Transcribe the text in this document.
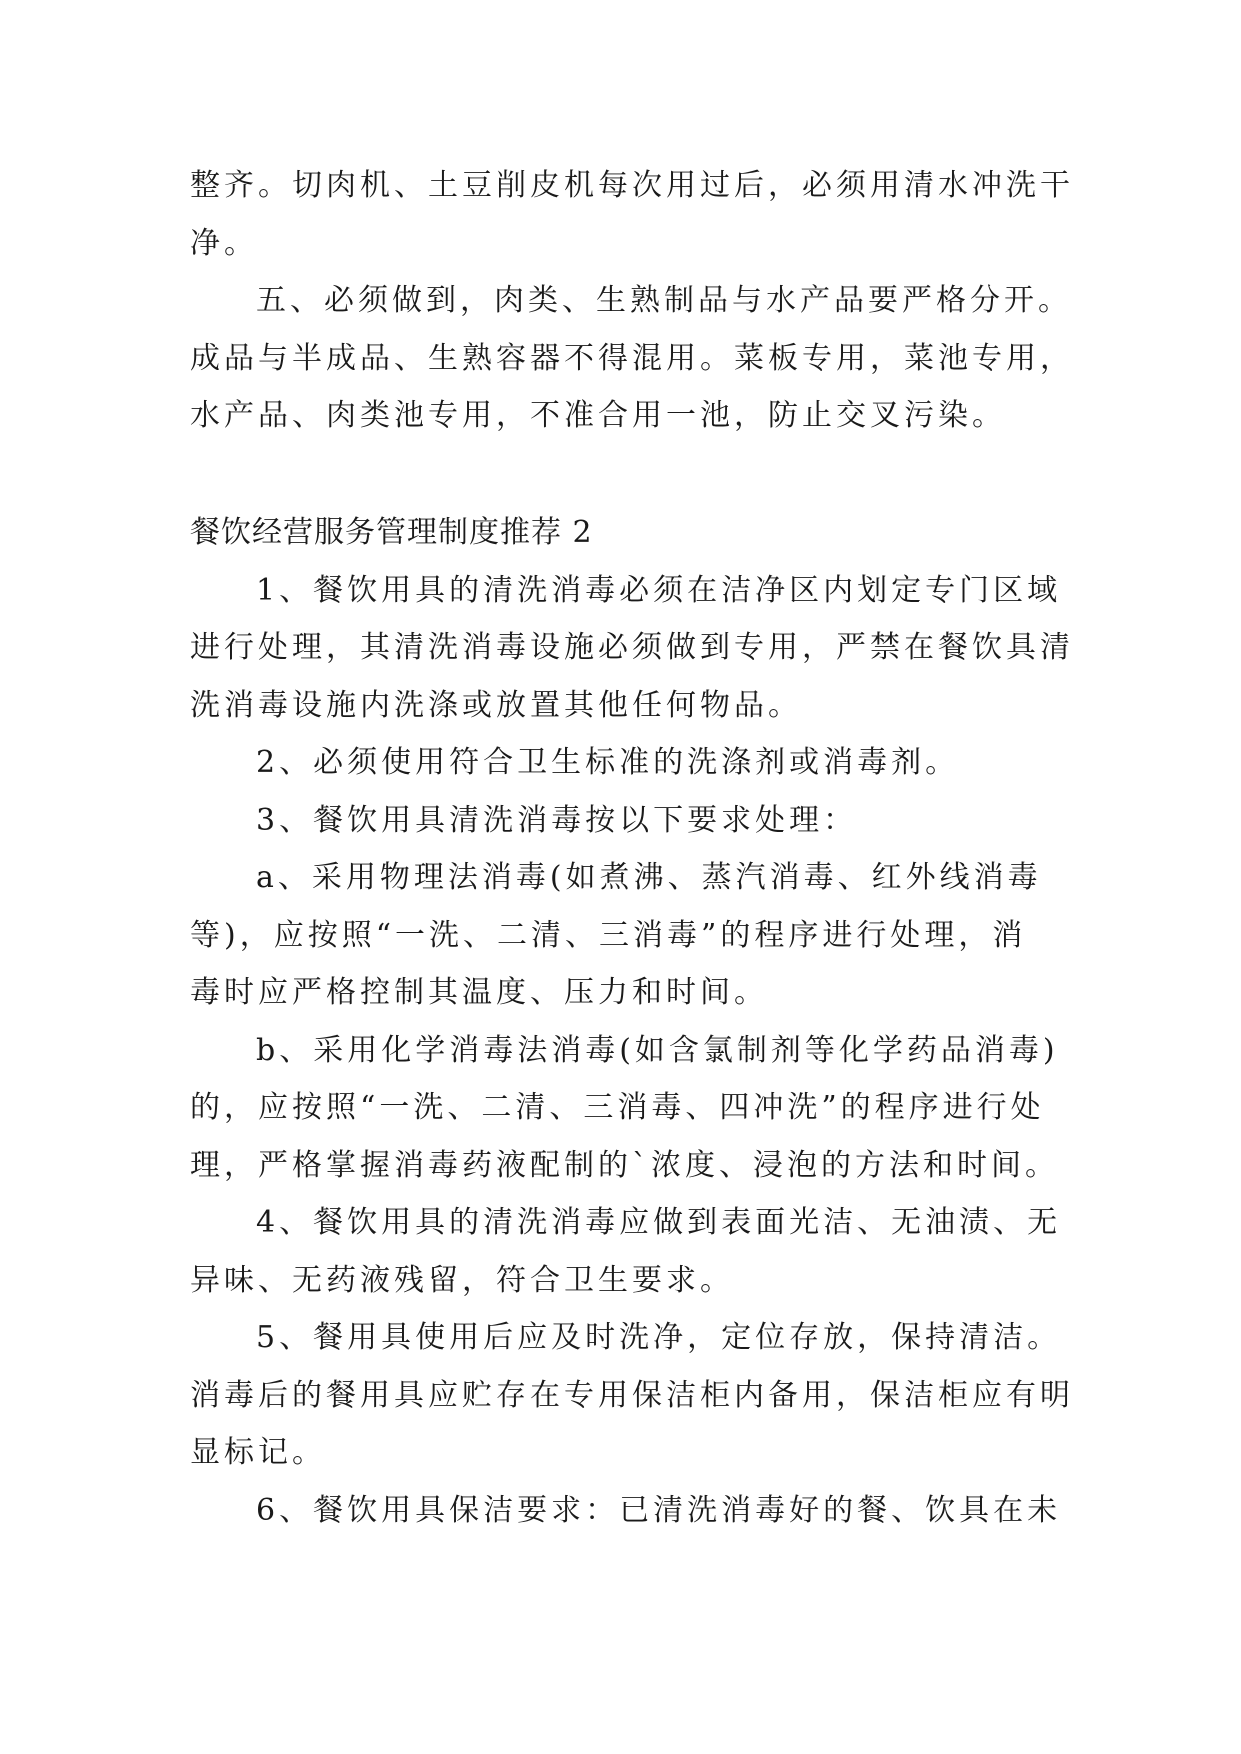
整齐。切肉机、土豆削皮机每次用过后，必须用清水冲洗干
净。
五、必须做到，肉类、生熟制品与水产品要严格分开。
成品与半成品、生熟容器不得混用。菜板专用，菜池专用，
水产品、肉类池专用，不准合用一池，防止交叉污染。
餐饮经营服务管理制度推荐 2
1、餐饮用具的清洗消毒必须在洁净区内划定专门区域
进行处理，其清洗消毒设施必须做到专用，严禁在餐饮具清
洗消毒设施内洗涤或放置其他任何物品。
2、必须使用符合卫生标准的洗涤剂或消毒剂。
3、餐饮用具清洗消毒按以下要求处理：
a、采用物理法消毒(如煮沸、蒸汽消毒、红外线消毒
等)，应按照“一洗、二清、三消毒”的程序进行处理，消
毒时应严格控制其温度、压力和时间。
b、采用化学消毒法消毒(如含氯制剂等化学药品消毒)
的，应按照“一洗、二清、三消毒、四冲洗”的程序进行处
理，严格掌握消毒药液配制的`浓度、浸泡的方法和时间。
4、餐饮用具的清洗消毒应做到表面光洁、无油渍、无
异味、无药液残留，符合卫生要求。
5、餐用具使用后应及时洗净，定位存放，保持清洁。
消毒后的餐用具应贮存在专用保洁柜内备用，保洁柜应有明
显标记。
6、餐饮用具保洁要求：已清洗消毒好的餐、饮具在未
